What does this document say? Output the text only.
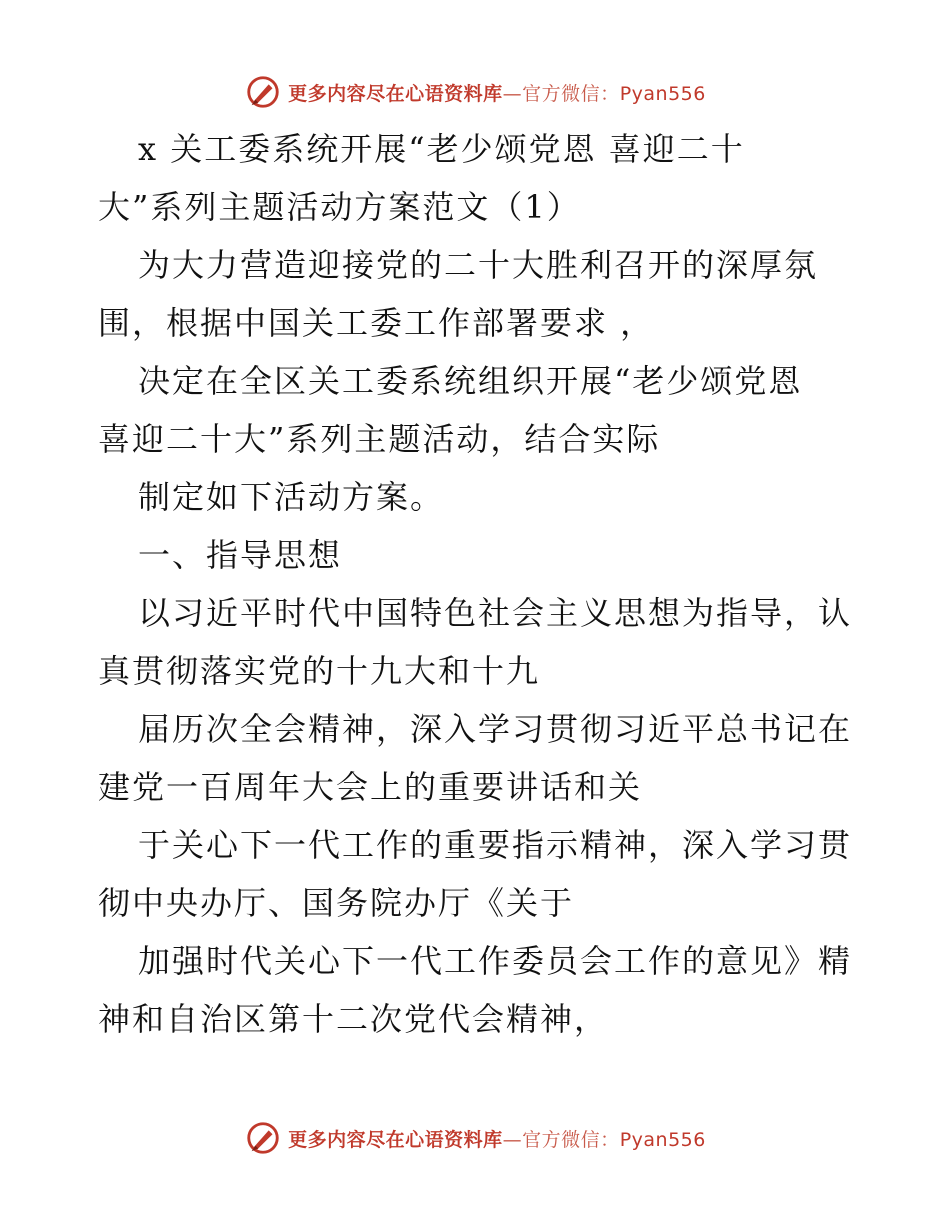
更多内容尽在心语资料库—官方微信：Pyan556

x 关工委系统开展“老少颂党恩 喜迎二十

大”系列主题活动方案范文（1）

为大力营造迎接党的二十大胜利召开的深厚氛

围，根据中国关工委工作部署要求 ，

决定在全区关工委系统组织开展“老少颂党恩

喜迎二十大”系列主题活动，结合实际

制定如下活动方案。

一、指导思想

以习近平时代中国特色社会主义思想为指导，认

真贯彻落实党的十九大和十九

届历次全会精神，深入学习贯彻习近平总书记在

建党一百周年大会上的重要讲话和关

于关心下一代工作的重要指示精神，深入学习贯

彻中央办厅、国务院办厅《关于

加强时代关心下一代工作委员会工作的意见》精

神和自治区第十二次党代会精神，

更多内容尽在心语资料库—官方微信：Pyan556
